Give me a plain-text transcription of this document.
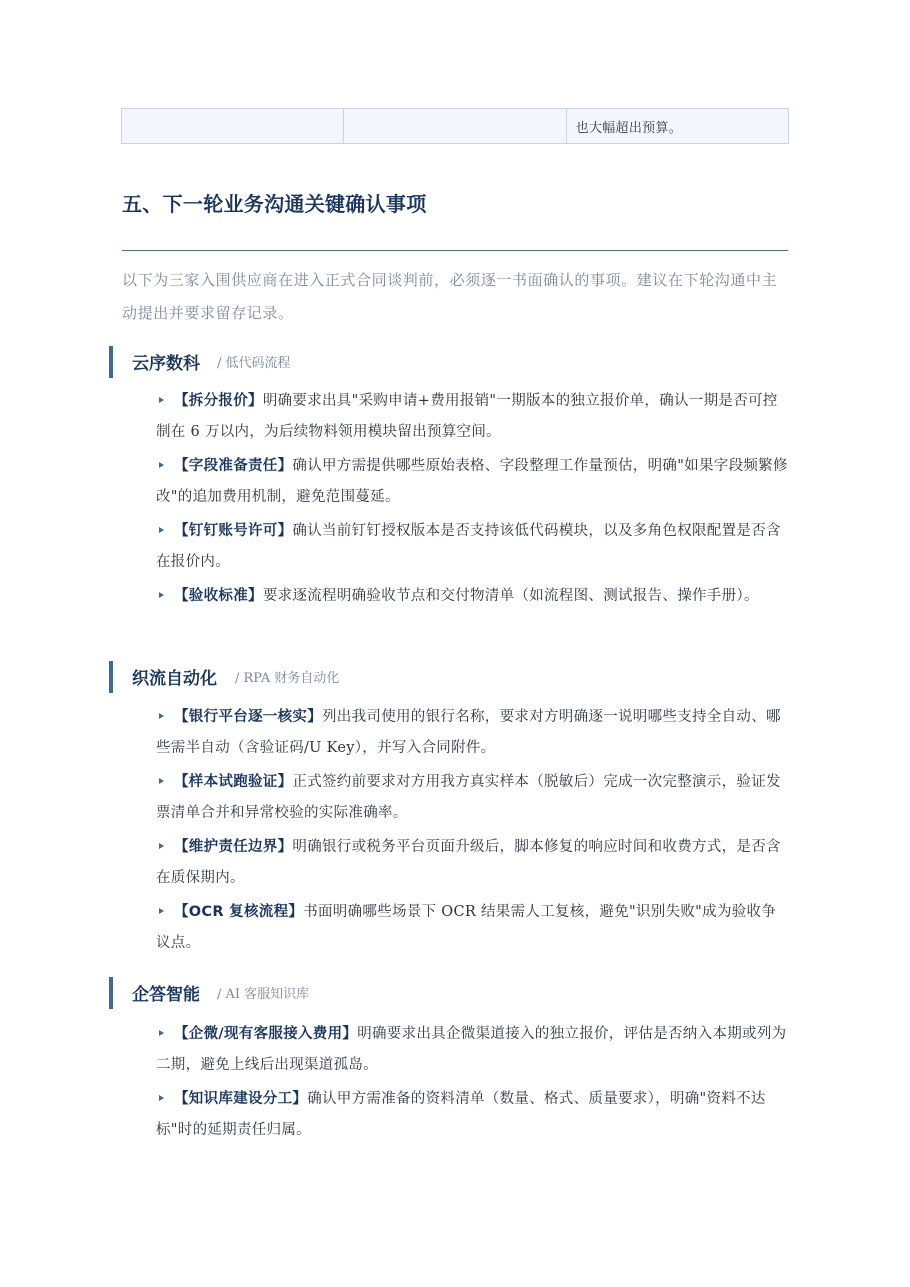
		也大幅超出预算。
五、下一轮业务沟通关键确认事项

以下为三家入围供应商在进入正式合同谈判前，必须逐一书面确认的事项。建议在下轮沟通中主动提出并要求留存记录。

云序数科 / 低代码流程
【拆分报价】明确要求出具"采购申请+费用报销"一期版本的独立报价单，确认一期是否可控制在 6 万以内，为后续物料领用模块留出预算空间。
【字段准备责任】确认甲方需提供哪些原始表格、字段整理工作量预估，明确"如果字段频繁修改"的追加费用机制，避免范围蔓延。
【钉钉账号许可】确认当前钉钉授权版本是否支持该低代码模块，以及多角色权限配置是否含在报价内。
【验收标准】要求逐流程明确验收节点和交付物清单（如流程图、测试报告、操作手册）。
织流自动化 / RPA 财务自动化
【银行平台逐一核实】列出我司使用的银行名称，要求对方明确逐一说明哪些支持全自动、哪些需半自动（含验证码/U Key），并写入合同附件。
【样本试跑验证】正式签约前要求对方用我方真实样本（脱敏后）完成一次完整演示，验证发票清单合并和异常校验的实际准确率。
【维护责任边界】明确银行或税务平台页面升级后，脚本修复的响应时间和收费方式，是否含在质保期内。
【OCR 复核流程】书面明确哪些场景下 OCR 结果需人工复核，避免"识别失败"成为验收争议点。
企答智能 / AI 客服知识库
【企微/现有客服接入费用】明确要求出具企微渠道接入的独立报价，评估是否纳入本期或列为二期，避免上线后出现渠道孤岛。
【知识库建设分工】确认甲方需准备的资料清单（数量、格式、质量要求），明确"资料不达标"时的延期责任归属。
